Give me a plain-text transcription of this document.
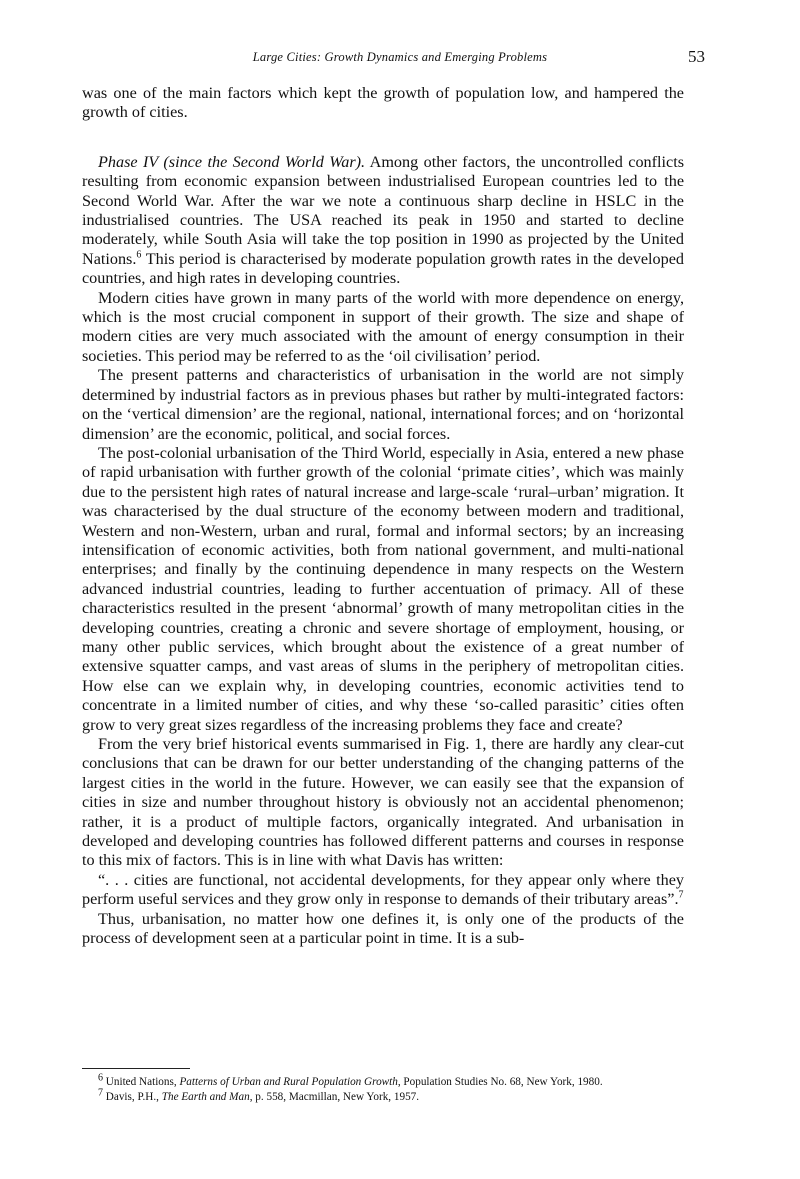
Large Cities: Growth Dynamics and Emerging Problems	53

was one of the main factors which kept the growth of population low, and hampered the growth of cities.

Phase IV (since the Second World War). Among other factors, the uncontrolled conflicts resulting from economic expansion between industrialised European countries led to the Second World War. After the war we note a continuous sharp decline in HSLC in the industrialised countries. The USA reached its peak in 1950 and started to decline moderately, while South Asia will take the top position in 1990 as projected by the United Nations.$^6$ This period is characterised by moderate population growth rates in the developed countries, and high rates in developing countries.

Modern cities have grown in many parts of the world with more dependence on energy, which is the most crucial component in support of their growth. The size and shape of modern cities are very much associated with the amount of energy consumption in their societies. This period may be referred to as the ‘oil civilisation’ period.

The present patterns and characteristics of urbanisation in the world are not simply determined by industrial factors as in previous phases but rather by multi-integrated factors: on the ‘vertical dimension’ are the regional, national, international forces; and on ‘horizontal dimension’ are the economic, political, and social forces.

The post-colonial urbanisation of the Third World, especially in Asia, entered a new phase of rapid urbanisation with further growth of the colonial ‘primate cities’, which was mainly due to the persistent high rates of natural increase and large-scale ‘rural–urban’ migration. It was characterised by the dual structure of the economy between modern and traditional, Western and non-Western, urban and rural, formal and informal sectors; by an increasing intensification of economic activities, both from national government, and multi-national enterprises; and finally by the continuing dependence in many respects on the Western advanced industrial countries, leading to further accentuation of primacy. All of these characteristics resulted in the present ‘abnormal’ growth of many metropolitan cities in the developing countries, creating a chronic and severe shortage of employment, housing, or many other public services, which brought about the existence of a great number of extensive squatter camps, and vast areas of slums in the periphery of metropolitan cities. How else can we explain why, in developing countries, economic activities tend to concentrate in a limited number of cities, and why these ‘so-called parasitic’ cities often grow to very great sizes regardless of the increasing problems they face and create?

From the very brief historical events summarised in Fig. 1, there are hardly any clear-cut conclusions that can be drawn for our better understanding of the changing patterns of the largest cities in the world in the future. However, we can easily see that the expansion of cities in size and number throughout history is obviously not an accidental phenomenon; rather, it is a product of multiple factors, organically integrated. And urbanisation in developed and developing countries has followed different patterns and courses in response to this mix of factors. This is in line with what Davis has written:

“. . . cities are functional, not accidental developments, for they appear only where they perform useful services and they grow only in response to demands of their tributary areas”.$^7$

Thus, urbanisation, no matter how one defines it, is only one of the products of the process of development seen at a particular point in time. It is a sub-

$^6$ United Nations, Patterns of Urban and Rural Population Growth, Population Studies No. 68, New York, 1980.

$^7$ Davis, P.H., The Earth and Man, p. 558, Macmillan, New York, 1957.
